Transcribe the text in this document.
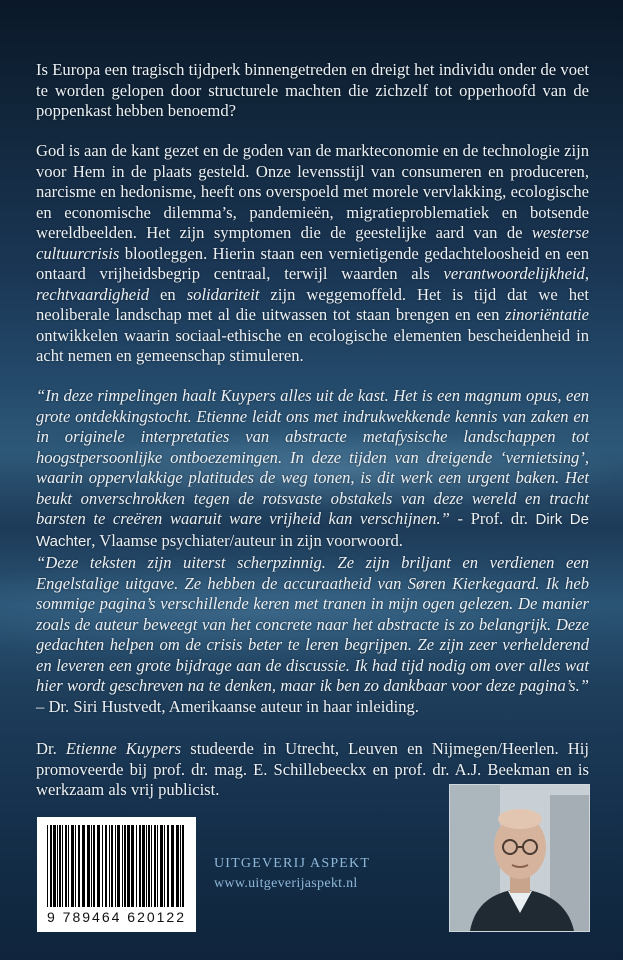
Is Europa een tragisch tijdperk binnengetreden en dreigt het individu onder de voet te worden gelopen door structurele machten die zichzelf tot opperhoofd van de poppenkast hebben benoemd?

God is aan de kant gezet en de goden van de markteconomie en de technologie zijn voor Hem in de plaats gesteld. Onze levensstijl van consumeren en produceren, narcisme en hedonisme, heeft ons overspoeld met morele vervlakking, ecologische en economische dilemma’s, pandemieën, migratieproblematiek en botsende wereldbeelden. Het zijn symptomen die de geestelijke aard van de westerse cultuurcrisis blootleggen. Hierin staan een vernietigende gedachteloosheid en een ontaard vrijheidsbegrip centraal, terwijl waarden als verantwoordelijkheid, rechtvaardigheid en solidariteit zijn weggemoffeld. Het is tijd dat we het neoliberale landschap met al die uitwassen tot staan brengen en een zinoriëntatie ontwikkelen waarin sociaal-ethische en ecologische elementen bescheidenheid in acht nemen en gemeenschap stimuleren.

“In deze rimpelingen haalt Kuypers alles uit de kast. Het is een magnum opus, een grote ontdekkingstocht. Etienne leidt ons met indrukwekkende kennis van zaken en in originele interpretaties van abstracte metafysische landschappen tot hoogstpersoonlijke ontboezemingen. In deze tijden van dreigende ‘vernietsing’, waarin oppervlakkige platitudes de weg tonen, is dit werk een urgent baken. Het beukt onverschrokken tegen de rotsvaste obstakels van deze wereld en tracht barsten te creëren waaruit ware vrijheid kan verschijnen.” - Prof. dr. Dirk De Wachter, Vlaamse psychiater/auteur in zijn voorwoord.

“Deze teksten zijn uiterst scherpzinnig. Ze zijn briljant en verdienen een Engelstalige uitgave. Ze hebben de accuraatheid van Søren Kierkegaard. Ik heb sommige pagina’s verschillende keren met tranen in mijn ogen gelezen. De manier zoals de auteur beweegt van het concrete naar het abstracte is zo belangrijk. Deze gedachten helpen om de crisis beter te leren begrijpen. Ze zijn zeer verhelderend en leveren een grote bijdrage aan de discussie. Ik had tijd nodig om over alles wat hier wordt geschreven na te denken, maar ik ben zo dankbaar voor deze pagina’s.” – Dr. Siri Hustvedt, Amerikaanse auteur in haar inleiding.

Dr. Etienne Kuypers studeerde in Utrecht, Leuven en Nijmegen/Heerlen. Hij promoveerde bij prof. dr. mag. E. Schillebeeckx en prof. dr. A.J. Beekman en is werkzaam als vrij publicist.

9 789464 620122
UITGEVERIJ ASPEKT
www.uitgeverijaspekt.nl
